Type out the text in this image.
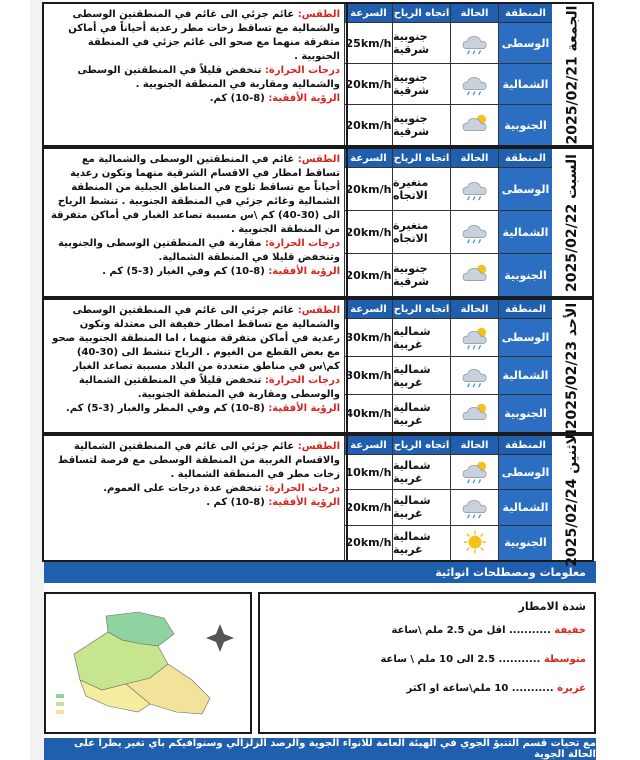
معلومات ومصطلحات انوائية
شدة الامطار
خفيفة ........... اقل من 2.5 ملم \ساعة
متوسطة ........... 2.5 الى 10 ملم \ ساعة
غزيرة ........... 10 ملم\ساعة او اكثر
مع تحيات قسم التنبؤ الجوي في الهيئة العامة للانواء الجوية والرصد الزلزالي وسنوافيكم باي تغير يطرأ على الحالة الجوية
الجمعة 2025/02/21
المنطقة
الحالة
اتجاه الرياح
السرعة
الوسطى
جنوبية شرقية
25km/h
الشمالية
جنوبية شرقية
20km/h
الجنوبية
جنوبية شرقية
20km/h
الطقس: غائم جزئي الى غائم في المنطقتين الوسطى والشمالية مع تساقط زخات مطر رعدية أحياناً في أماكن متفرقة منهما مع صحو الى غائم جزئي في المنطقة الجنوبية .
درجات الحرارة: تنخفض قليلاً في المنطقتين الوسطى والشمالية ومقاربة في المنطقة الجنوبية .
الرؤية الأفقية: (8-10) كم.
السبت 2025/02/22
المنطقة
الحالة
اتجاه الرياح
السرعة
الوسطى
متغيرة الاتجاه
20km/h
الشمالية
متغيرة الاتجاه
20km/h
الجنوبية
جنوبية شرقية
20km/h
الطقس: غائم في المنطقتين الوسطى والشمالية مع تساقط امطار في الاقسام الشرقية منهما وتكون رعدية أحياناً مع تساقط ثلوج في المناطق الجبلية من المنطقة الشمالية وغائم جزئي في المنطقة الجنوبية . تنشط الرياح الى (30-40) كم \س مسببة تصاعد الغبار في أماكن متفرقة من المنطقة الجنوبية .
درجات الحرارة: مقاربة في المنطقتين الوسطى والجنوبية وتنخفض قليلا في المنطقة الشمالية.
الرؤية الأفقية: (8-10) كم وفي الغبار (3-5) كم .
الأحد 2025/02/23
المنطقة
الحالة
اتجاه الرياح
السرعة
الوسطى
شمالية غربية
30km/h
الشمالية
شمالية غربية
30km/h
الجنوبية
شمالية غربية
40km/h
الطقس: غائم جزئي الى غائم في المنطقتين الوسطى والشمالية مع تساقط امطار خفيفة الى معتدلة وتكون رعدية في أماكن متفرقة منهما ، اما المنطقة الجنوبية صحو مع بعض القطع من الغيوم . الرياح تنشط الى (30-40) كم\س في مناطق متعددة من البلاد مسببة تصاعد الغبار
درجات الحرارة: تنخفض قليلاً في المنطقتين الشمالية والوسطى ومقاربة في المنطقة الجنوبية.
الرؤية الأفقية: (8-10) كم وفي المطر والغبار (3-5) كم.
الاثنين 2025/02/24
المنطقة
الحالة
اتجاه الرياح
السرعة
الوسطى
شمالية غربية
10km/h
الشمالية
شمالية غربية
20km/h
الجنوبية
شمالية غربية
20km/h
الطقس: غائم جزئي الى غائم في المنطقتين الشمالية والاقسام الغربية من المنطقة الوسطى مع فرصة لتساقط زخات مطر في المنطقة الشمالية .
درجات الحرارة: تنخفض عدة درجات على العموم.
الرؤية الأفقية: (8-10) كم .
